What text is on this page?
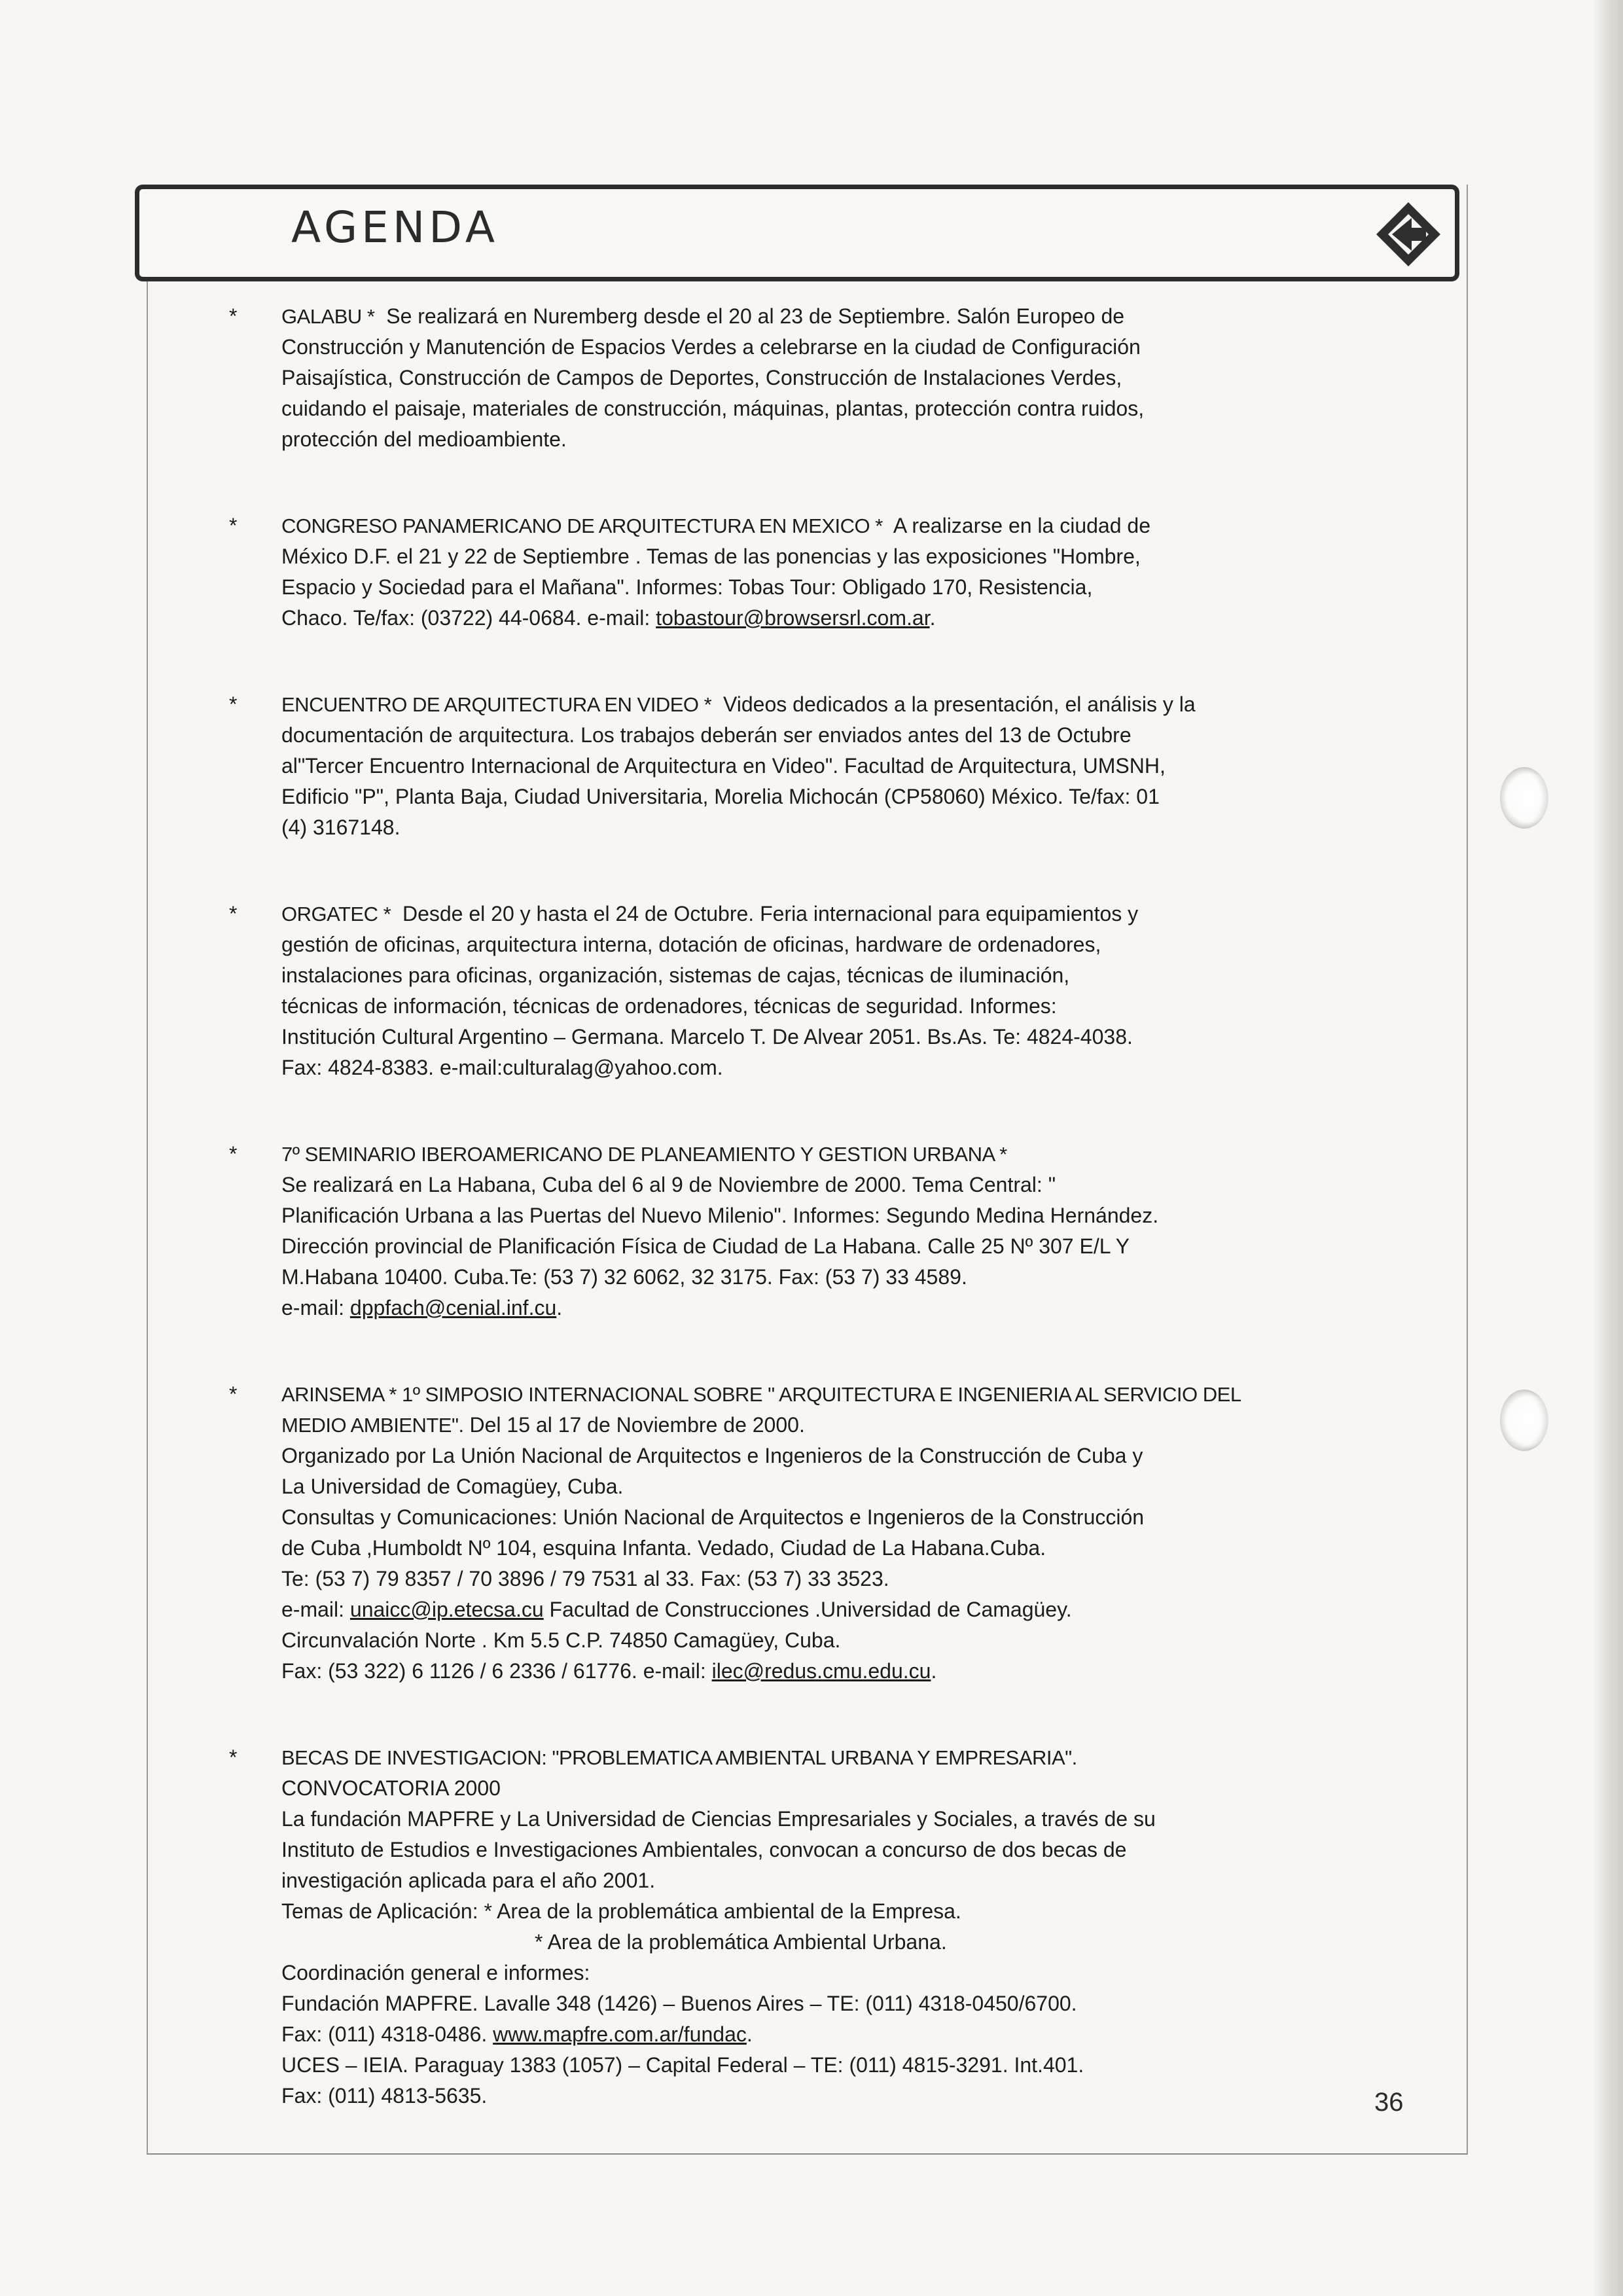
AGENDA
* GALABU * Se realizará en Nuremberg desde el 20 al 23 de Septiembre. Salón Europeo de
Construcción y Manutención de Espacios Verdes a celebrarse en la ciudad de Configuración
Paisajística, Construcción de Campos de Deportes, Construcción de Instalaciones Verdes,
cuidando el paisaje, materiales de construcción, máquinas, plantas, protección contra ruidos,
protección del medioambiente.
* CONGRESO PANAMERICANO DE ARQUITECTURA EN MEXICO * A realizarse en la ciudad de
México D.F. el 21 y 22 de Septiembre . Temas de las ponencias y las exposiciones "Hombre,
Espacio y Sociedad para el Mañana". Informes: Tobas Tour: Obligado 170, Resistencia,
Chaco. Te/fax: (03722) 44-0684. e-mail: tobastour@browsersrl.com.ar.
* ENCUENTRO DE ARQUITECTURA EN VIDEO * Videos dedicados a la presentación, el análisis y la
documentación de arquitectura. Los trabajos deberán ser enviados antes del 13 de Octubre
al"Tercer Encuentro Internacional de Arquitectura en Video". Facultad de Arquitectura, UMSNH,
Edificio "P", Planta Baja, Ciudad Universitaria, Morelia Michocán (CP58060) México. Te/fax: 01
(4) 3167148.
* ORGATEC * Desde el 20 y hasta el 24 de Octubre. Feria internacional para equipamientos y
gestión de oficinas, arquitectura interna, dotación de oficinas, hardware de ordenadores,
instalaciones para oficinas, organización, sistemas de cajas, técnicas de iluminación,
técnicas de información, técnicas de ordenadores, técnicas de seguridad. Informes:
Institución Cultural Argentino – Germana. Marcelo T. De Alvear 2051. Bs.As. Te: 4824-4038.
Fax: 4824-8383. e-mail:culturalag@yahoo.com.
* 7º SEMINARIO IBEROAMERICANO DE PLANEAMIENTO Y GESTION URBANA *
Se realizará en La Habana, Cuba del 6 al 9 de Noviembre de 2000. Tema Central: "
Planificación Urbana a las Puertas del Nuevo Milenio". Informes: Segundo Medina Hernández.
Dirección provincial de Planificación Física de Ciudad de La Habana. Calle 25 Nº 307 E/L Y
M.Habana 10400. Cuba.Te: (53 7) 32 6062, 32 3175. Fax: (53 7) 33 4589.
e-mail: dppfach@cenial.inf.cu.
* ARINSEMA * 1º SIMPOSIO INTERNACIONAL SOBRE " ARQUITECTURA E INGENIERIA AL SERVICIO DEL
MEDIO AMBIENTE". Del 15 al 17 de Noviembre de 2000.
Organizado por La Unión Nacional de Arquitectos e Ingenieros de la Construcción de Cuba y
La Universidad de Comagüey, Cuba.
Consultas y Comunicaciones: Unión Nacional de Arquitectos e Ingenieros de la Construcción
de Cuba ,Humboldt Nº 104, esquina Infanta. Vedado, Ciudad de La Habana.Cuba.
Te: (53 7) 79 8357 / 70 3896 / 79 7531 al 33. Fax: (53 7) 33 3523.
e-mail: unaicc@ip.etecsa.cu Facultad de Construcciones .Universidad de Camagüey.
Circunvalación Norte . Km 5.5 C.P. 74850 Camagüey, Cuba.
Fax: (53 322) 6 1126 / 6 2336 / 61776. e-mail: ilec@redus.cmu.edu.cu.
* BECAS DE INVESTIGACION: "PROBLEMATICA AMBIENTAL URBANA Y EMPRESARIA".
CONVOCATORIA 2000
La fundación MAPFRE y La Universidad de Ciencias Empresariales y Sociales, a través de su
Instituto de Estudios e Investigaciones Ambientales, convocan a concurso de dos becas de
investigación aplicada para el año 2001.
Temas de Aplicación: * Area de la problemática ambiental de la Empresa.
* Area de la problemática Ambiental Urbana.
Coordinación general e informes:
Fundación MAPFRE. Lavalle 348 (1426) – Buenos Aires – TE: (011) 4318-0450/6700.
Fax: (011) 4318-0486. www.mapfre.com.ar/fundac.
UCES – IEIA. Paraguay 1383 (1057) – Capital Federal – TE: (011) 4815-3291. Int.401.
Fax: (011) 4813-5635.	36
